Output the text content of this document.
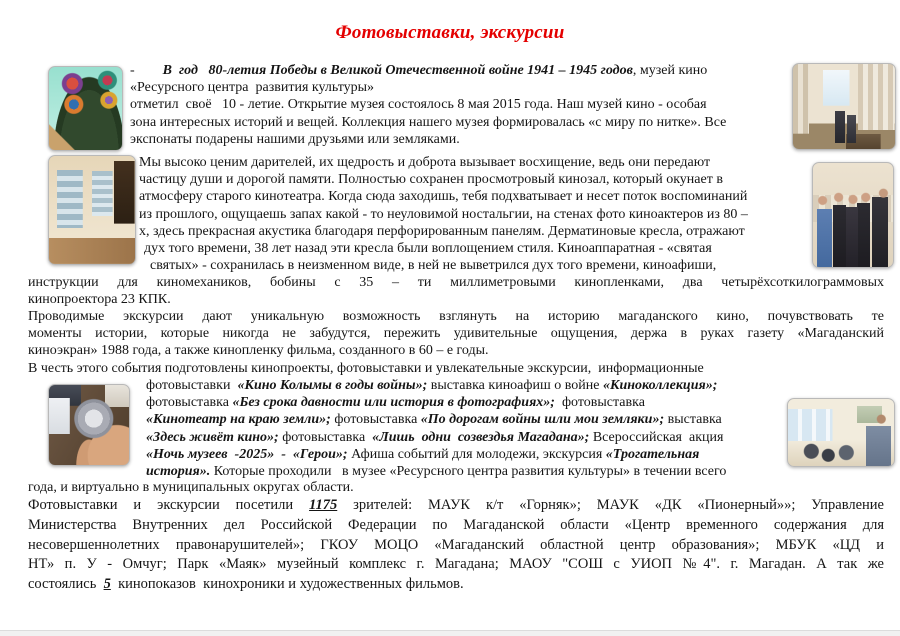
Фотовыставки, экскурсии
-        В  год   80-летия Победы в Великой Отечественной войне 1941 – 1945 годов, музей кино
«Ресурсного центра  развития культуры»
отметил  своё   10 - летие. Открытие музея состоялось 8 мая 2015 года. Наш музей кино - особая
зона интересных историй и вещей. Коллекция нашего музея формировалась «с миру по нитке». Все
экспонаты подарены нашими друзьями или земляками.
Мы высоко ценим дарителей, их щедрость и доброта вызывает восхищение, ведь они передают
частицу души и дорогой памяти. Полностью сохранен просмотровый кинозал, который окунает в
атмосферу старого кинотеатра. Когда сюда заходишь, тебя подхватывает и несет поток воспоминаний
из прошлого, ощущаешь запах какой - то неуловимой ностальгии, на стенах фото киноактеров из 80 –
х, здесь прекрасная акустика благодаря перфорированным панелям. Дерматиновые кресла, отражают
дух того времени, 38 лет назад эти кресла были воплощением стиля. Киноаппаратная - «святая
святых» - сохранилась в неизменном виде, в ней не выветрился дух того времени, киноафиши,
инструкции для киномехаников, бобины с 35 – ти миллиметровыми кинопленками, два четырёхсоткилограммовых
кинопроектора 23 КПК.
Проводимые экскурсии дают уникальную возможность взглянуть на историю магаданского кино, почувствовать те
моменты истории, которые никогда не забудутся, пережить удивительные ощущения, держа в руках газету «Магаданский
киноэкран» 1988 года, а также кинопленку фильма, созданного в 60 – е годы.
В честь этого события подготовлены кинопроекты, фотовыставки и увлекательные экскурсии,  информационные
фотовыставки  «Кино Колымы в годы войны»; выставка киноафиш о войне «Киноколлекция»;
фотовыставка «Без срока давности или история в фотографиях»;  фотовыставка
«Кинотеатр на краю земли»; фотовыставка «По дорогам войны шли мои земляки»; выставка
«Здесь живёт кино»; фотовыставка  «Лишь  одни  созвездья Магадана»; Всероссийская  акция
«Ночь музеев  -2025»  -  «Герои»; Афиша событий для молодежи, экскурсия «Трогательная
история». Которые проходили   в музее «Ресурсного центра развития культуры» в течении всего
года, и виртуально в муниципальных округах области.
Фотовыставки и экскурсии посетили 1175 зрителей: МАУК к/т «Горняк»; МАУК «ДК «Пионерный»»; Управление
Министерства Внутренних дел Российской Федерации по Магаданской области «Центр временного содержания для
несовершеннолетних правонарушителей»; ГКОУ МОЦО «Магаданский областной центр образования»; МБУК «ЦД и
НТ» п. У - Омчуг; Парк «Маяк» музейный комплекс г. Магадана; МАОУ "СОШ с УИОП №4". г. Магадан. А так же
состоялись  5  кинопоказов  кинохроники и художественных фильмов.
